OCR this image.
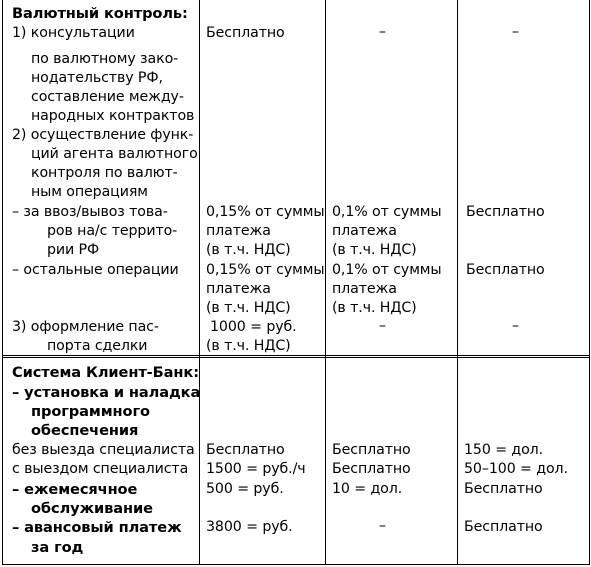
Валютный контроль:
1) консультации
по валютному зако-
нодательству РФ,
составление между-
народных контрактов
2) осуществление функ-
ций агента валютного
контроля по валют-
ным операциям
– за ввоз/вывоз това-
ров на/с террито-
рии РФ
– остальные операции
3) оформление пас-
порта сделки
Бесплатно
0,15% от суммы
платежа
(в т.ч. НДС)
0,15% от суммы
платежа
(в т.ч. НДС)
1000 = руб.
(в т.ч. НДС)
–
0,1% от суммы
платежа
(в т.ч. НДС)
0,1% от суммы
платежа
(в т.ч. НДС)
–
–
Бесплатно
Бесплатно
–
Система Клиент-Банк:
– установка и наладка
программного
обеспечения
без выезда специалиста
с выездом специалиста
– ежемесячное
обслуживание
– авансовый платеж
за год
Бесплатно
1500 = руб./ч
500 = руб.
3800 = руб.
Бесплатно
Бесплатно
10 = дол.
–
150 = дол.
50–100 = дол.
Бесплатно
Бесплатно
